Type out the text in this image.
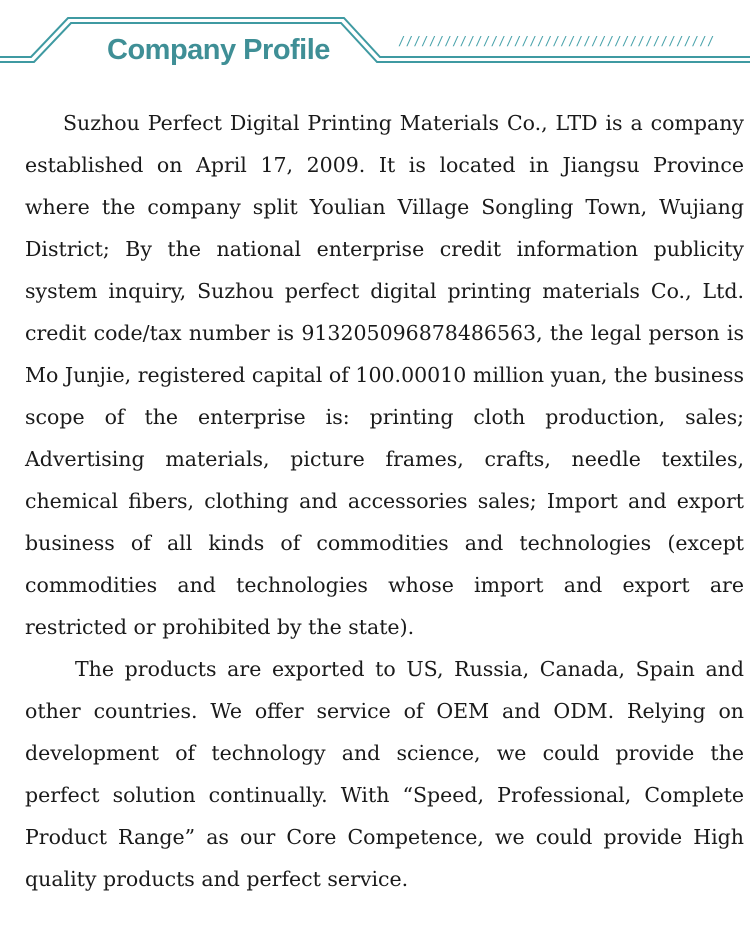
Company Profile	/////////////////////////////////////////

Suzhou Perfect Digital Printing Materials Co., LTD is a company established on April 17, 2009. It is located in Jiangsu Province where the company split Youlian Village Songling Town, Wujiang District; By the national enterprise credit information publicity system inquiry, Suzhou perfect digital printing materials Co., Ltd. credit code/tax number is 913205096878486563, the legal person is Mo Junjie, registered capital of 100.00010 million yuan, the business scope of the enterprise is: printing cloth production, sales; Advertising materials, picture frames, crafts, needle textiles, chemical fibers, clothing and accessories sales; Import and export business of all kinds of commodities and technologies (except commodities and technologies whose import and export are restricted or prohibited by the state).

The products are exported to US, Russia, Canada, Spain and other countries. We offer service of OEM and ODM. Relying on development of technology and science, we could provide the perfect solution continually. With “Speed, Professional, Complete Product Range” as our Core Competence, we could provide High quality products and perfect service.
